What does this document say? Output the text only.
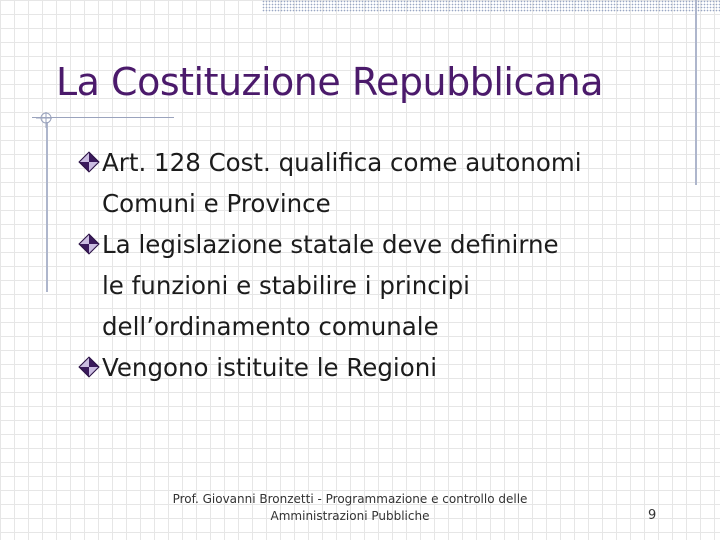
La Costituzione Repubblicana
Art. 128 Cost. qualifica come autonomi
Comuni e Province
La legislazione statale deve definirne
le funzioni e stabilire i principi
dell’ordinamento comunale
Vengono istituite le Regioni
Prof. Giovanni Bronzetti - Programmazione e controllo delle
Amministrazioni Pubbliche	9
